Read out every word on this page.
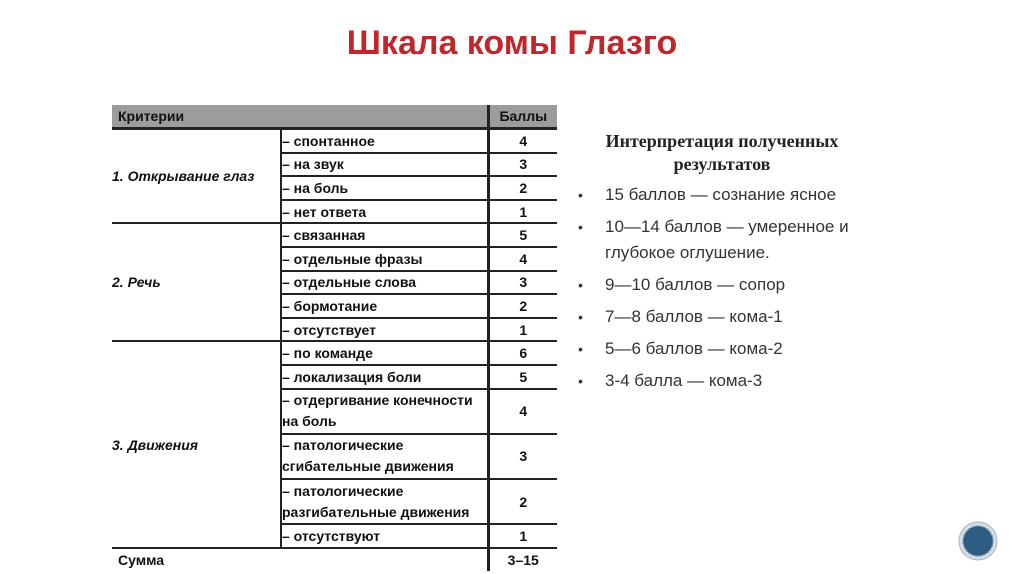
Шкала комы Глазго
Критерии		Баллы
1. Открывание глаз	– спонтанное	4
	– на звук	3
	– на боль	2
	– нет ответа	1
2. Речь	– связанная	5
	– отдельные фразы	4
	– отдельные слова	3
	– бормотание	2
	– отсутствует	1
3. Движения	– по команде	6
	– локализация боли	5
	– отдергивание конечности на боль	4
	– патологические сгибательные движения	3
	– патологические разгибательные движения	2
	– отсутствуют	1
Сумма		3–15
Интерпретация полученных результатов
• 15 баллов — сознание ясное
• 10—14 баллов — умеренное и глубокое оглушение.
• 9—10 баллов — сопор
• 7—8 баллов — кома-1
• 5—6 баллов — кома-2
• 3-4 балла — кома-3
